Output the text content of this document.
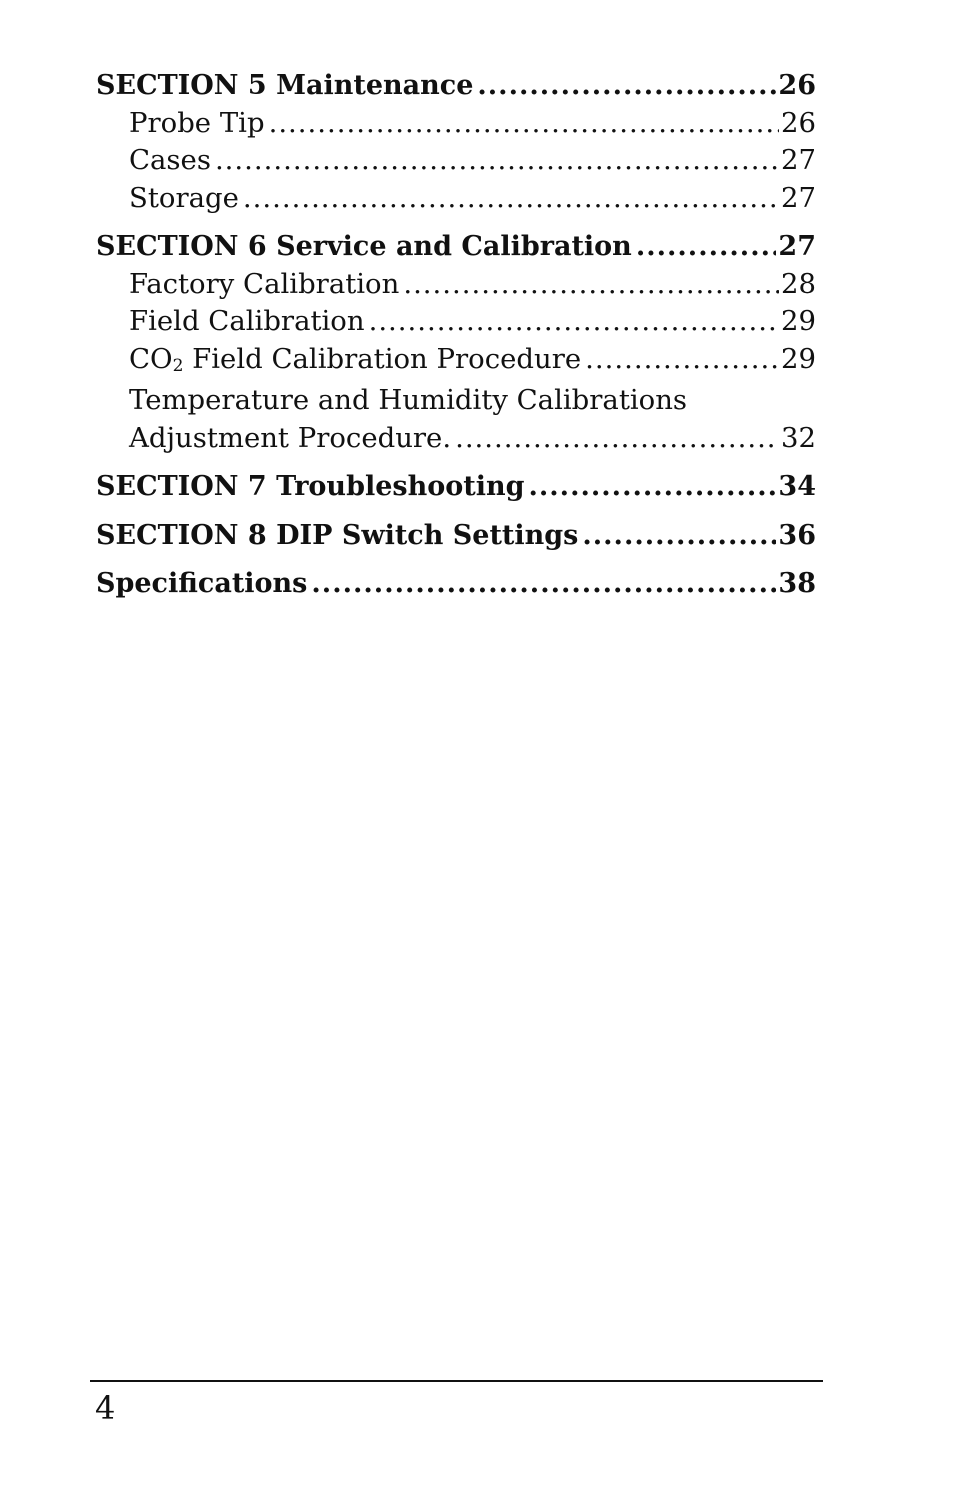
SECTION 5 Maintenance .....	26
Probe Tip .....	26
Cases .....	27
Storage .....	27
SECTION 6 Service and Calibration .....	27
Factory Calibration .....	28
Field Calibration .....	29
$CO_2$ Field Calibration Procedure .....	29
Temperature and Humidity Calibrations
Adjustment Procedure. .....	32
SECTION 7 Troubleshooting .....	34
SECTION 8 DIP Switch Settings .....	36
Specifications .....	38
4
